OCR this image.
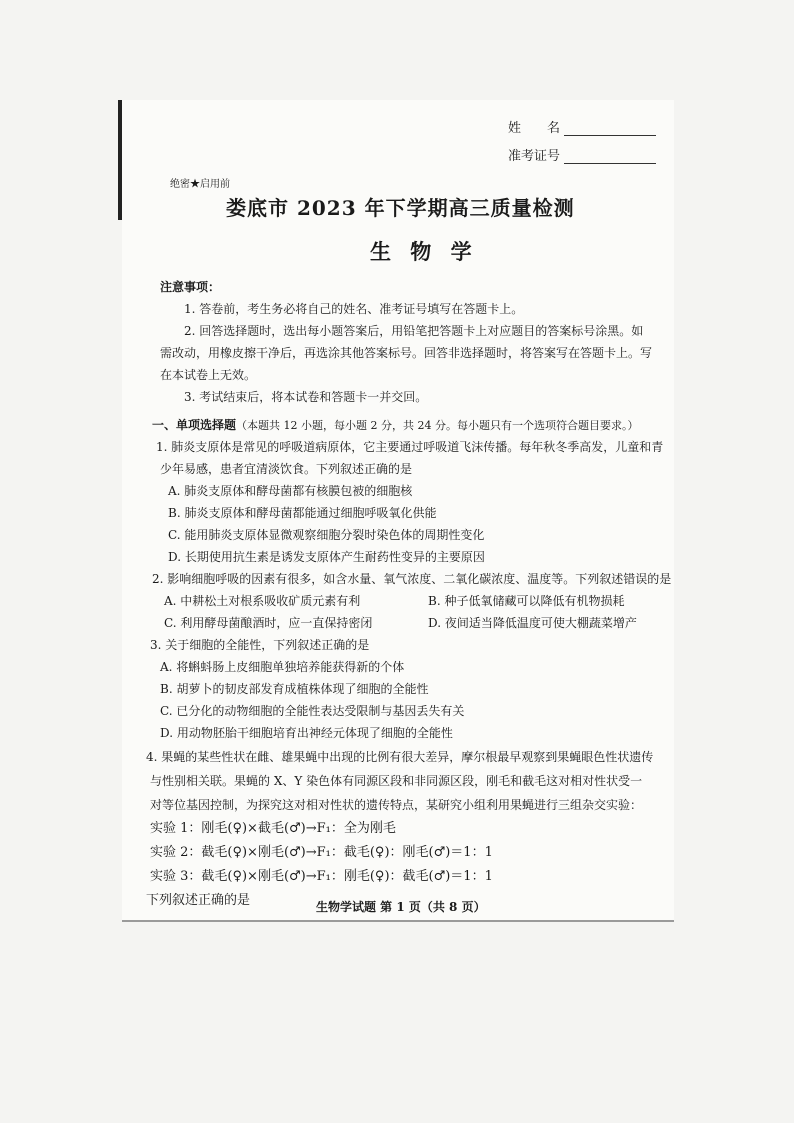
姓　　名
准考证号
绝密★启用前
娄底市 2023 年下学期高三质量检测
生 物 学
注意事项：
1. 答卷前，考生务必将自己的姓名、准考证号填写在答题卡上。
2. 回答选择题时，选出每小题答案后，用铅笔把答题卡上对应题目的答案标号涂黑。如
需改动，用橡皮擦干净后，再选涂其他答案标号。回答非选择题时，将答案写在答题卡上。写
在本试卷上无效。
3. 考试结束后，将本试卷和答题卡一并交回。
一、单项选择题（本题共 12 小题，每小题 2 分，共 24 分。每小题只有一个选项符合题目要求。）
1. 肺炎支原体是常见的呼吸道病原体，它主要通过呼吸道飞沫传播。每年秋冬季高发，儿童和青
少年易感，患者宜清淡饮食。下列叙述正确的是
A. 肺炎支原体和酵母菌都有核膜包被的细胞核
B. 肺炎支原体和酵母菌都能通过细胞呼吸氧化供能
C. 能用肺炎支原体显微观察细胞分裂时染色体的周期性变化
D. 长期使用抗生素是诱发支原体产生耐药性变异的主要原因
2. 影响细胞呼吸的因素有很多，如含水量、氧气浓度、二氧化碳浓度、温度等。下列叙述错误的是
A. 中耕松土对根系吸收矿质元素有利	B. 种子低氧储藏可以降低有机物损耗
C. 利用酵母菌酿酒时，应一直保持密闭	D. 夜间适当降低温度可使大棚蔬菜增产
3. 关于细胞的全能性，下列叙述正确的是
A. 将蝌蚪肠上皮细胞单独培养能获得新的个体
B. 胡萝卜的韧皮部发育成植株体现了细胞的全能性
C. 已分化的动物细胞的全能性表达受限制与基因丢失有关
D. 用动物胚胎干细胞培育出神经元体现了细胞的全能性
4. 果蝇的某些性状在雌、雄果蝇中出现的比例有很大差异，摩尔根最早观察到果蝇眼色性状遗传
与性别相关联。果蝇的 X、Y 染色体有同源区段和非同源区段，刚毛和截毛这对相对性状受一
对等位基因控制，为探究这对相对性状的遗传特点，某研究小组利用果蝇进行三组杂交实验：
实验 1：刚毛(♀)×截毛(♂)→F₁：全为刚毛
实验 2：截毛(♀)×刚毛(♂)→F₁：截毛(♀)：刚毛(♂)＝1：1
实验 3：截毛(♀)×刚毛(♂)→F₁：刚毛(♀)：截毛(♂)＝1：1
下列叙述正确的是	生物学试题 第 1 页（共 8 页）
